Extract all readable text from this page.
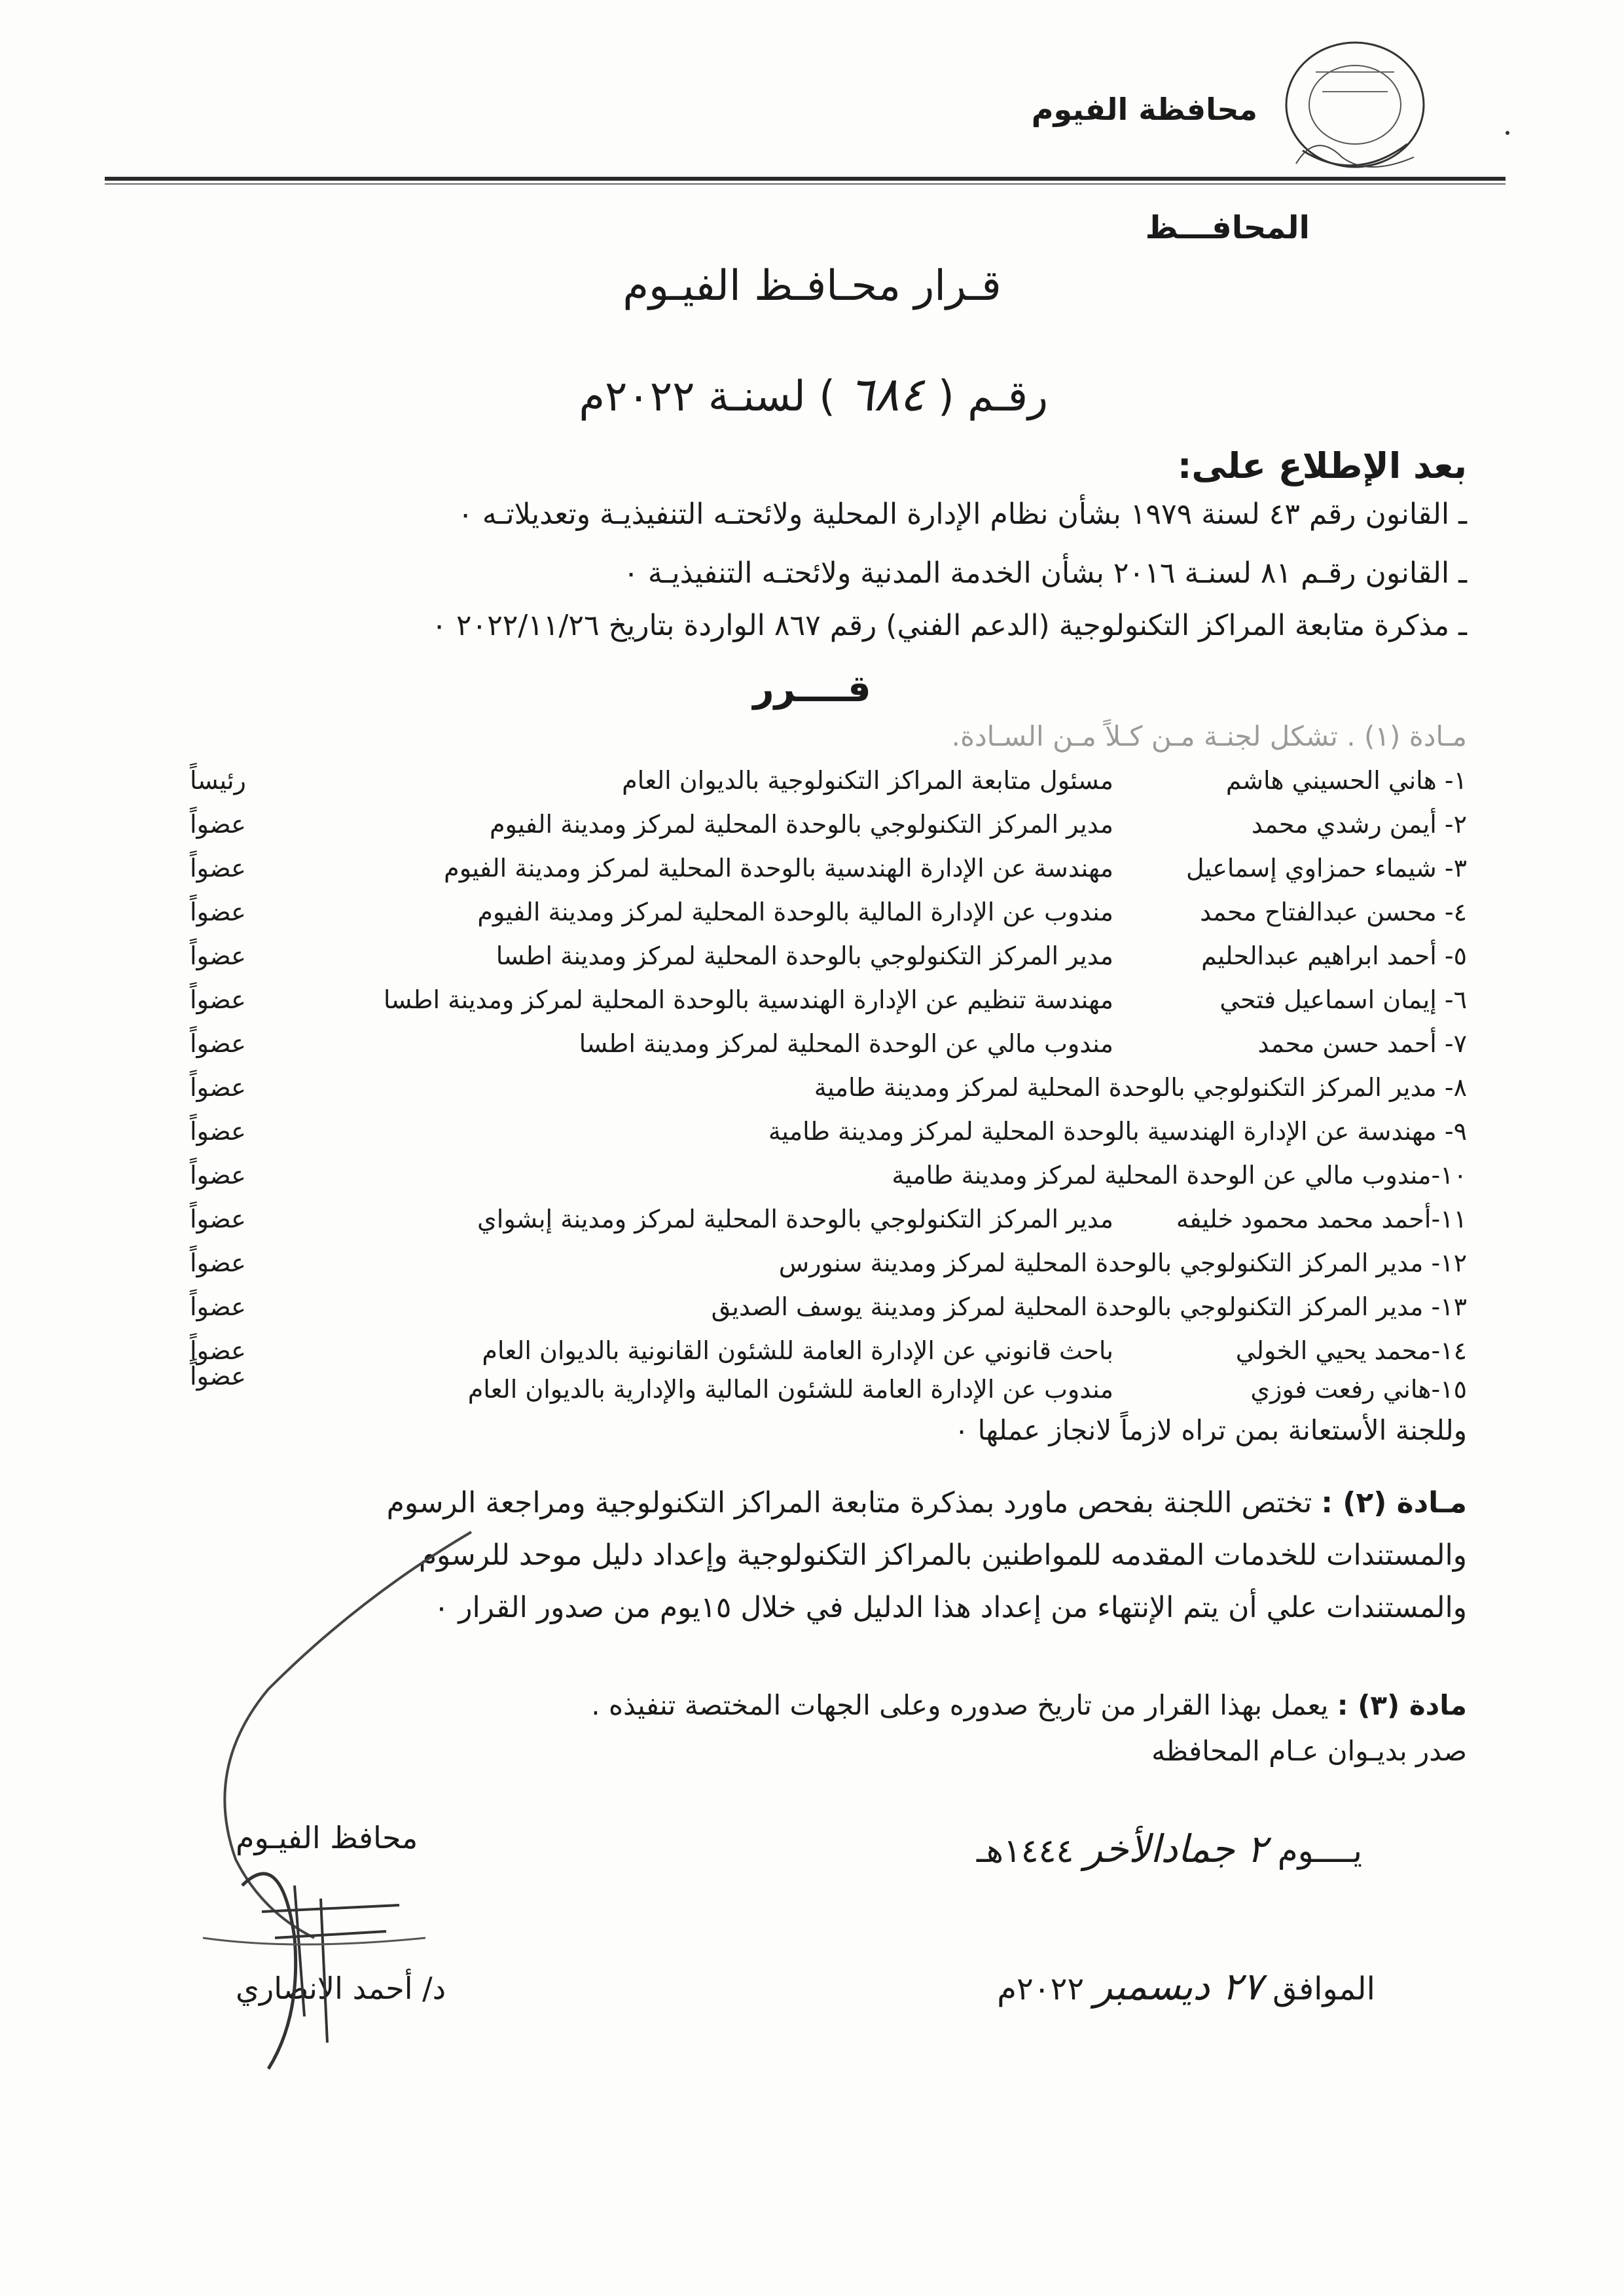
محافظة الفيوم
المحافـــظ
قـرار محـافـظ الفيـوم
رقـم ( ٦٨٤ ) لسنـة ٢٠٢٢م
بعد الإطلاع على:
ـ القانون رقم ٤٣ لسنة ١٩٧٩ بشأن نظام الإدارة المحلية ولائحتـه التنفيذيـة وتعديلاتـه ٠
ـ القانون رقـم ٨١ لسنـة ٢٠١٦ بشأن الخدمة المدنية ولائحتـه التنفيذيـة ٠
ـ مذكرة متابعة المراكز التكنولوجية (الدعم الفني) رقم ٨٦٧ الواردة بتاريخ ٢٠٢٢/١١/٢٦ ٠
قــــرر
مـادة (١) . تشكل لجنـة مـن كـلاً مـن السـادة.
١- هاني الحسيني هاشم
مسئول متابعة المراكز التكنولوجية بالديوان العام
رئيساً
٢- أيمن رشدي محمد
مدير المركز التكنولوجي بالوحدة المحلية لمركز ومدينة الفيوم
عضواً
٣- شيماء حمزاوي إسماعيل
مهندسة عن الإدارة الهندسية بالوحدة المحلية لمركز ومدينة الفيوم
عضواً
٤- محسن عبدالفتاح محمد
مندوب عن الإدارة المالية بالوحدة المحلية لمركز ومدينة الفيوم
عضواً
٥- أحمد ابراهيم عبدالحليم
مدير المركز التكنولوجي بالوحدة المحلية لمركز ومدينة اطسا
عضواً
٦- إيمان اسماعيل فتحي
مهندسة تنظيم عن الإدارة الهندسية بالوحدة المحلية لمركز ومدينة اطسا
عضواً
٧- أحمد حسن محمد
مندوب مالي عن الوحدة المحلية لمركز ومدينة اطسا
عضواً
٨- مدير المركز التكنولوجي بالوحدة المحلية لمركز ومدينة طامية
عضواً
٩- مهندسة عن الإدارة الهندسية بالوحدة المحلية لمركز ومدينة طامية
عضواً
١٠-مندوب مالي عن الوحدة المحلية لمركز ومدينة طامية
عضواً
١١-أحمد محمد محمود خليفه
مدير المركز التكنولوجي بالوحدة المحلية لمركز ومدينة إبشواي
عضواً
١٢- مدير المركز التكنولوجي بالوحدة المحلية لمركز ومدينة سنورس
عضواً
١٣- مدير المركز التكنولوجي بالوحدة المحلية لمركز ومدينة يوسف الصديق
عضواً
١٤-محمد يحيي الخولي
باحث قانوني عن الإدارة العامة للشئون القانونية بالديوان العام
عضواً
١٥-هاني رفعت فوزي
مندوب عن الإدارة العامة للشئون المالية والإدارية بالديوان العام
عضواً
وللجنة الأستعانة بمن تراه لازماً لانجاز عملها ٠
مـادة (٢) : تختص اللجنة بفحص ماورد بمذكرة متابعة المراكز التكنولوجية ومراجعة الرسوم
والمستندات للخدمات المقدمه للمواطنين بالمراكز التكنولوجية وإعداد دليل موحد للرسوم
والمستندات علي أن يتم الإنتهاء من إعداد هذا الدليل في خلال ١٥يوم من صدور القرار ٠
مادة (٣) : يعمل بهذا القرار من تاريخ صدوره وعلى الجهات المختصة تنفيذه .
صدر بديـوان عـام المحافظه
يــــوم ٢ جمادالأخر ١٤٤٤هـ
الموافق ٢٧ ديسمبر ٢٠٢٢م
محافظ الفيـوم
د/ أحمد الانصاري
